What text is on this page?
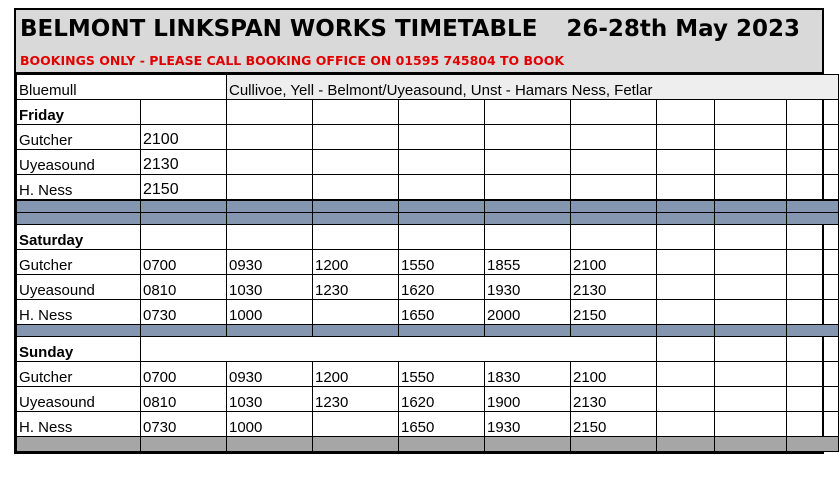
BELMONT LINKSPAN WORKS TIMETABLE 26-28th May 2023
BOOKINGS ONLY - PLEASE CALL BOOKING OFFICE ON 01595 745804 TO BOOK
Bluemull		Cullivoe, Yell - Belmont/Uyeasound, Unst - Hamars Ness, Fetlar							
Friday									
Gutcher	2100								
Uyeasound	2130								
H. Ness	2150								

Saturday									
Gutcher	0700	0930	1200	1550	1855	2100			
Uyeasound	0810	1030	1230	1620	1930	2130			
H. Ness	0730	1000		1650	2000	2150			

Sunday									
Gutcher	0700	0930	1200	1550	1830	2100			
Uyeasound	0810	1030	1230	1620	1900	2130			
H. Ness	0730	1000		1650	1930	2150			
